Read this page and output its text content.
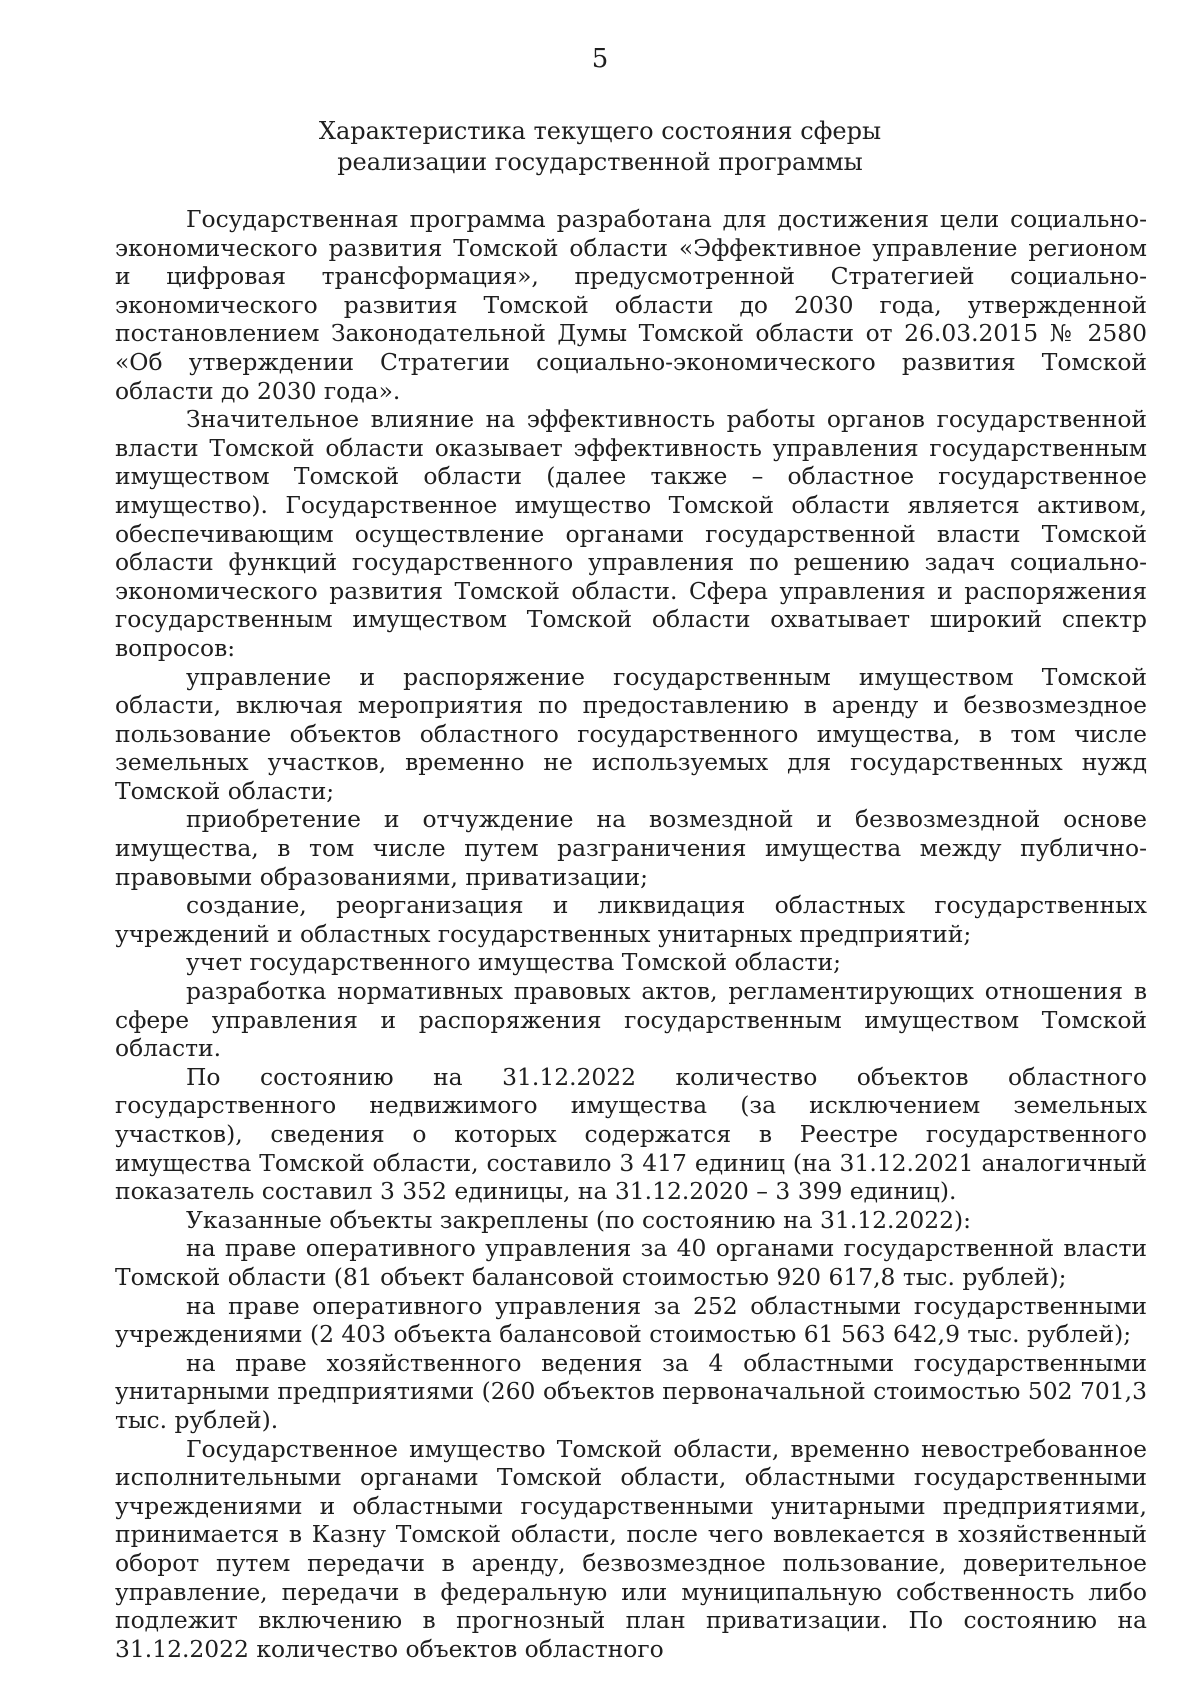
5
Характеристика текущего состояния сферы
реализации государственной программы

Государственная программа разработана для достижения цели социально-экономического развития Томской области «Эффективное управление регионом и цифровая трансформация», предусмотренной Стратегией социально-экономического развития Томской области до 2030 года, утвержденной постановлением Законодательной Думы Томской области от 26.03.2015 № 2580 «Об утверждении Стратегии социально-экономического развития Томской области до 2030 года».

Значительное влияние на эффективность работы органов государственной власти Томской области оказывает эффективность управления государственным имуществом Томской области (далее также – областное государственное имущество). Государственное имущество Томской области является активом, обеспечивающим осуществление органами государственной власти Томской области функций государственного управления по решению задач социально-экономического развития Томской области. Сфера управления и распоряжения государственным имуществом Томской области охватывает широкий спектр вопросов:

управление и распоряжение государственным имуществом Томской области, включая мероприятия по предоставлению в аренду и безвозмездное пользование объектов областного государственного имущества, в том числе земельных участков, временно не используемых для государственных нужд Томской области;

приобретение и отчуждение на возмездной и безвозмездной основе имущества, в том числе путем разграничения имущества между публично-правовыми образованиями, приватизации;

создание, реорганизация и ликвидация областных государственных учреждений и областных государственных унитарных предприятий;

учет государственного имущества Томской области;

разработка нормативных правовых актов, регламентирующих отношения в сфере управления и распоряжения государственным имуществом Томской области.

По состоянию на 31.12.2022 количество объектов областного государственного недвижимого имущества (за исключением земельных участков), сведения о которых содержатся в Реестре государственного имущества Томской области, составило 3 417 единиц (на 31.12.2021 аналогичный показатель составил 3 352 единицы, на 31.12.2020 – 3 399 единиц).

Указанные объекты закреплены (по состоянию на 31.12.2022):

на праве оперативного управления за 40 органами государственной власти Томской области (81 объект балансовой стоимостью 920 617,8 тыс. рублей);

на праве оперативного управления за 252 областными государственными учреждениями (2 403 объекта балансовой стоимостью 61 563 642,9 тыс. рублей);

на праве хозяйственного ведения за 4 областными государственными унитарными предприятиями (260 объектов первоначальной стоимостью 502 701,3 тыс. рублей).

Государственное имущество Томской области, временно невостребованное исполнительными органами Томской области, областными государственными учреждениями и областными государственными унитарными предприятиями, принимается в Казну Томской области, после чего вовлекается в хозяйственный оборот путем передачи в аренду, безвозмездное пользование, доверительное управление, передачи в федеральную или муниципальную собственность либо подлежит включению в прогнозный план приватизации. По состоянию на 31.12.2022 количество объектов областного
